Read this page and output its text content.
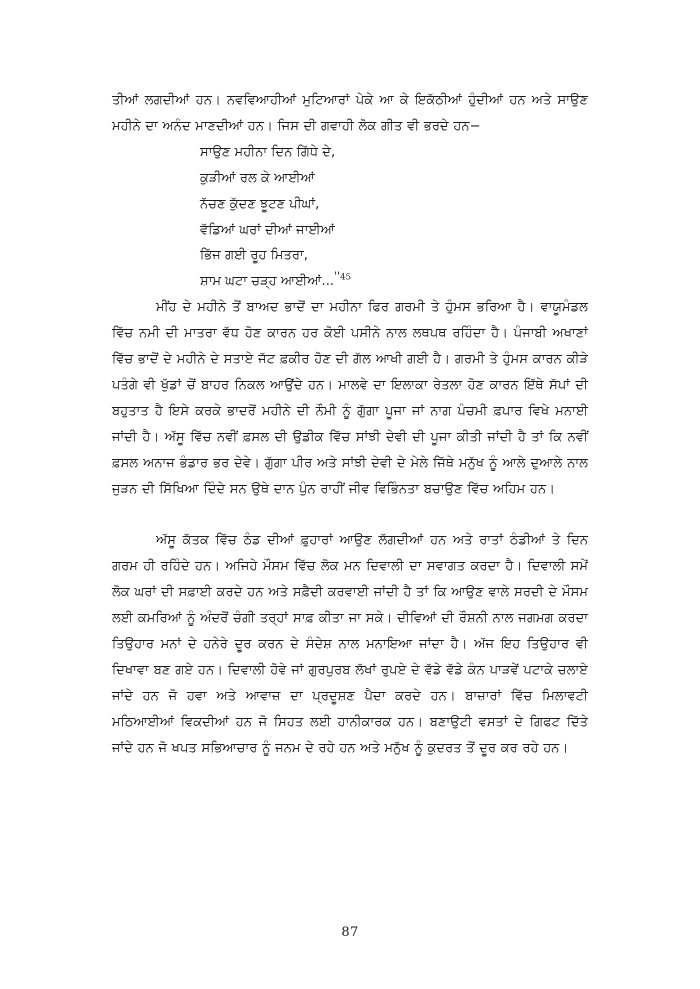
ਤੀਆਂ ਲਗਦੀਆਂ ਹਨ। ਨਵਵਿਆਹੀਆਂ ਮੁਟਿਆਰਾਂ ਪੇਕੇ ਆ ਕੇ ਇਕੱਠੀਆਂ ਹੁੰਦੀਆਂ ਹਨ ਅਤੇ ਸਾਉਣ ਮਹੀਨੇ ਦਾ ਅਨੰਦ ਮਾਣਦੀਆਂ ਹਨ। ਜਿਸ ਦੀ ਗਵਾਹੀ ਲੋਕ ਗੀਤ ਵੀ ਭਰਦੇ ਹਨ−

ਸਾਉਣ ਮਹੀਨਾ ਦਿਨ ਗਿੱਧੇ ਦੇ,
ਕੁੜੀਆਂ ਰਲ ਕੇ ਆਈਆਂ
ਨੱਚਣ ਕੁੱਦਣ ਝੂਟਣ ਪੀਘਾਂ,
ਵੱਡਿਆਂ ਘਰਾਂ ਦੀਆਂ ਜਾਈਆਂ
ਭਿੱਜ ਗਈ ਰੂਹ ਮਿਤਰਾ,
ਸ਼ਾਮ ਘਟਾ ਚੜ੍ਹ ਆਈਆਂ...$^{''45}$

ਮੀਂਹ ਦੇ ਮਹੀਨੇ ਤੋਂ ਬਾਅਦ ਭਾਦੋਂ ਦਾ ਮਹੀਨਾ ਫਿਰ ਗਰਮੀ ਤੇ ਹੁੰਮਸ ਭਰਿਆ ਹੈ। ਵਾਯੂਮੰਡਲ ਵਿੱਚ ਨਮੀ ਦੀ ਮਾਤਰਾ ਵੱਧ ਹੋਣ ਕਾਰਨ ਹਰ ਕੋਈ ਪਸੀਨੇ ਨਾਲ ਲਥਪਥ ਰਹਿੰਦਾ ਹੈ। ਪੰਜਾਬੀ ਅਖਾਣਾਂ ਵਿੱਚ ਭਾਦੋਂ ਦੇ ਮਹੀਨੇ ਦੇ ਸਤਾਏ ਜੱਟ ਫ਼ਕੀਰ ਹੋਣ ਦੀ ਗੱਲ ਆਖੀ ਗਈ ਹੈ। ਗਰਮੀ ਤੇ ਹੁੰਮਸ ਕਾਰਨ ਕੀੜੇ ਪਤੰਗੇ ਵੀ ਖੁੱਡਾਂ ਚੋਂ ਬਾਹਰ ਨਿਕਲ ਆਉਂਦੇ ਹਨ। ਮਾਲਵੇ ਦਾ ਇਲਾਕਾ ਰੇਤਲਾ ਹੋਣ ਕਾਰਨ ਇੱਥੇ ਸੱਪਾਂ ਦੀ ਬਹੁਤਾਤ ਹੈ ਇਸੇ ਕਰਕੇ ਭਾਦਰੋਂ ਮਹੀਨੇ ਦੀ ਨੌਮੀ ਨੂੰ ਗੁੱਗਾ ਪੂਜਾ ਜਾਂ ਨਾਗ ਪੰਚਮੀ ਫ਼ਪਾਰ ਵਿਖੇ ਮਨਾਈ ਜਾਂਦੀ ਹੈ। ਅੱਸੂ ਵਿੱਚ ਨਵੀਂ ਫ਼ਸਲ ਦੀ ਉਡੀਕ ਵਿੱਚ ਸਾਂਝੀ ਦੇਵੀ ਦੀ ਪੂਜਾ ਕੀਤੀ ਜਾਂਦੀ ਹੈ ਤਾਂ ਕਿ ਨਵੀਂ ਫ਼ਸਲ ਅਨਾਜ ਭੰਡਾਰ ਭਰ ਦੇਵੇ। ਗੁੱਗਾ ਪੀਰ ਅਤੇ ਸਾਂਝੀ ਦੇਵੀ ਦੇ ਮੇਲੇ ਜਿੱਥੇ ਮਨੁੱਖ ਨੂੰ ਆਲੇ ਦੁਆਲੇ ਨਾਲ ਜੁੜਨ ਦੀ ਸਿੱਖਿਆ ਦਿੰਦੇ ਸਨ ਉਥੇ ਦਾਨ ਪੁੰਨ ਰਾਹੀਂ ਜੀਵ ਵਿਭਿੰਨਤਾ ਬਚਾਉਣ ਵਿੱਚ ਅਹਿਮ ਹਨ।

ਅੱਸੂ ਕੱਤਕ ਵਿੱਚ ਠੰਡ ਦੀਆਂ ਫ਼ੁਹਾਰਾਂ ਆਉਣ ਲੱਗਦੀਆਂ ਹਨ ਅਤੇ ਰਾਤਾਂ ਠੰਡੀਆਂ ਤੇ ਦਿਨ ਗਰਮ ਹੀ ਰਹਿੰਦੇ ਹਨ। ਅਜਿਹੇ ਮੌਸਮ ਵਿੱਚ ਲੋਕ ਮਨ ਦਿਵਾਲੀ ਦਾ ਸਵਾਗਤ ਕਰਦਾ ਹੈ। ਦਿਵਾਲੀ ਸਮੇਂ ਲੋਕ ਘਰਾਂ ਦੀ ਸਫ਼ਾਈ ਕਰਦੇ ਹਨ ਅਤੇ ਸਫ਼ੈਦੀ ਕਰਵਾਈ ਜਾਂਦੀ ਹੈ ਤਾਂ ਕਿ ਆਉਣ ਵਾਲੇ ਸਰਦੀ ਦੇ ਮੌਸਮ ਲਈ ਕਮਰਿਆਂ ਨੂੰ ਅੰਦਰੋਂ ਚੰਗੀ ਤਰ੍ਹਾਂ ਸਾਫ਼ ਕੀਤਾ ਜਾ ਸਕੇ। ਦੀਵਿਆਂ ਦੀ ਰੌਸ਼ਨੀ ਨਾਲ ਜਗਮਗ ਕਰਦਾ ਤਿਉਹਾਰ ਮਨਾਂ ਦੇ ਹਨੇਰੇ ਦੂਰ ਕਰਨ ਦੇ ਸੰਦੇਸ਼ ਨਾਲ ਮਨਾਇਆ ਜਾਂਦਾ ਹੈ। ਅੱਜ ਇਹ ਤਿਉਹਾਰ ਵੀ ਦਿਖਾਵਾ ਬਣ ਗਏ ਹਨ। ਦਿਵਾਲੀ ਹੋਵੇ ਜਾਂ ਗੁਰਪੁਰਬ ਲੱਖਾਂ ਰੁਪਏ ਦੇ ਵੱਡੇ ਵੱਡੇ ਕੰਨ ਪਾੜਵੇਂ ਪਟਾਕੇ ਚਲਾਏ ਜਾਂਦੇ ਹਨ ਜੋ ਹਵਾ ਅਤੇ ਆਵਾਜ਼ ਦਾ ਪ੍ਰਦੂਸ਼ਣ ਪੈਦਾ ਕਰਦੇ ਹਨ। ਬਾਜ਼ਾਰਾਂ ਵਿੱਚ ਮਿਲਾਵਟੀ ਮਠਿਆਈਆਂ ਵਿਕਦੀਆਂ ਹਨ ਜੋ ਸਿਹਤ ਲਈ ਹਾਨੀਕਾਰਕ ਹਨ। ਬਣਾਉਟੀ ਵਸਤਾਂ ਦੇ ਗਿਫਟ ਦਿੱਤੇ ਜਾਂਦੇ ਹਨ ਜੋ ਖਪਤ ਸਭਿਆਚਾਰ ਨੂੰ ਜਨਮ ਦੇ ਰਹੇ ਹਨ ਅਤੇ ਮਨੁੱਖ ਨੂੰ ਕੁਦਰਤ ਤੋਂ ਦੂਰ ਕਰ ਰਹੇ ਹਨ।

87
